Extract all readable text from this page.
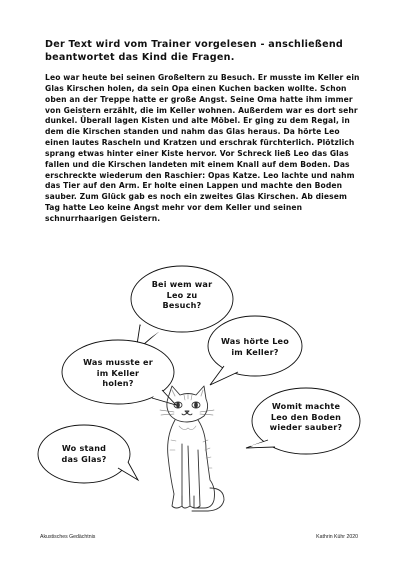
Der Text wird vom Trainer vorgelesen - anschließend beantwortet das Kind die Fragen.
Leo war heute bei seinen Großeltern zu Besuch. Er musste im Keller ein Glas Kirschen holen, da sein Opa einen Kuchen backen wollte. Schon oben an der Treppe hatte er große Angst. Seine Oma hatte ihm immer von Geistern erzählt, die im Keller wohnen. Außerdem war es dort sehr dunkel. Überall lagen Kisten und alte Möbel. Er ging zu dem Regal, in dem die Kirschen standen und nahm das Glas heraus. Da hörte Leo einen lautes Rascheln und Kratzen und erschrak fürchterlich. Plötzlich sprang etwas hinter einer Kiste hervor. Vor Schreck ließ Leo das Glas fallen und die Kirschen landeten mit einem Knall auf dem Boden. Das erschreckte wiederum den Raschier: Opas Katze. Leo lachte und nahm das Tier auf den Arm. Er holte einen Lappen und machte den Boden sauber. Zum Glück gab es noch ein zweites Glas Kirschen. Ab diesem Tag hatte Leo keine Angst mehr vor dem Keller und seinen schnurrhaarigen Geistern.
Bei wem war Leo zu Besuch?
Was hörte Leo im Keller?
Was musste er im Keller holen?
Womit machte Leo den Boden wieder sauber?
Wo stand das Glas?
Akustisches Gedächtnis	Kathrin Kühr 2020
